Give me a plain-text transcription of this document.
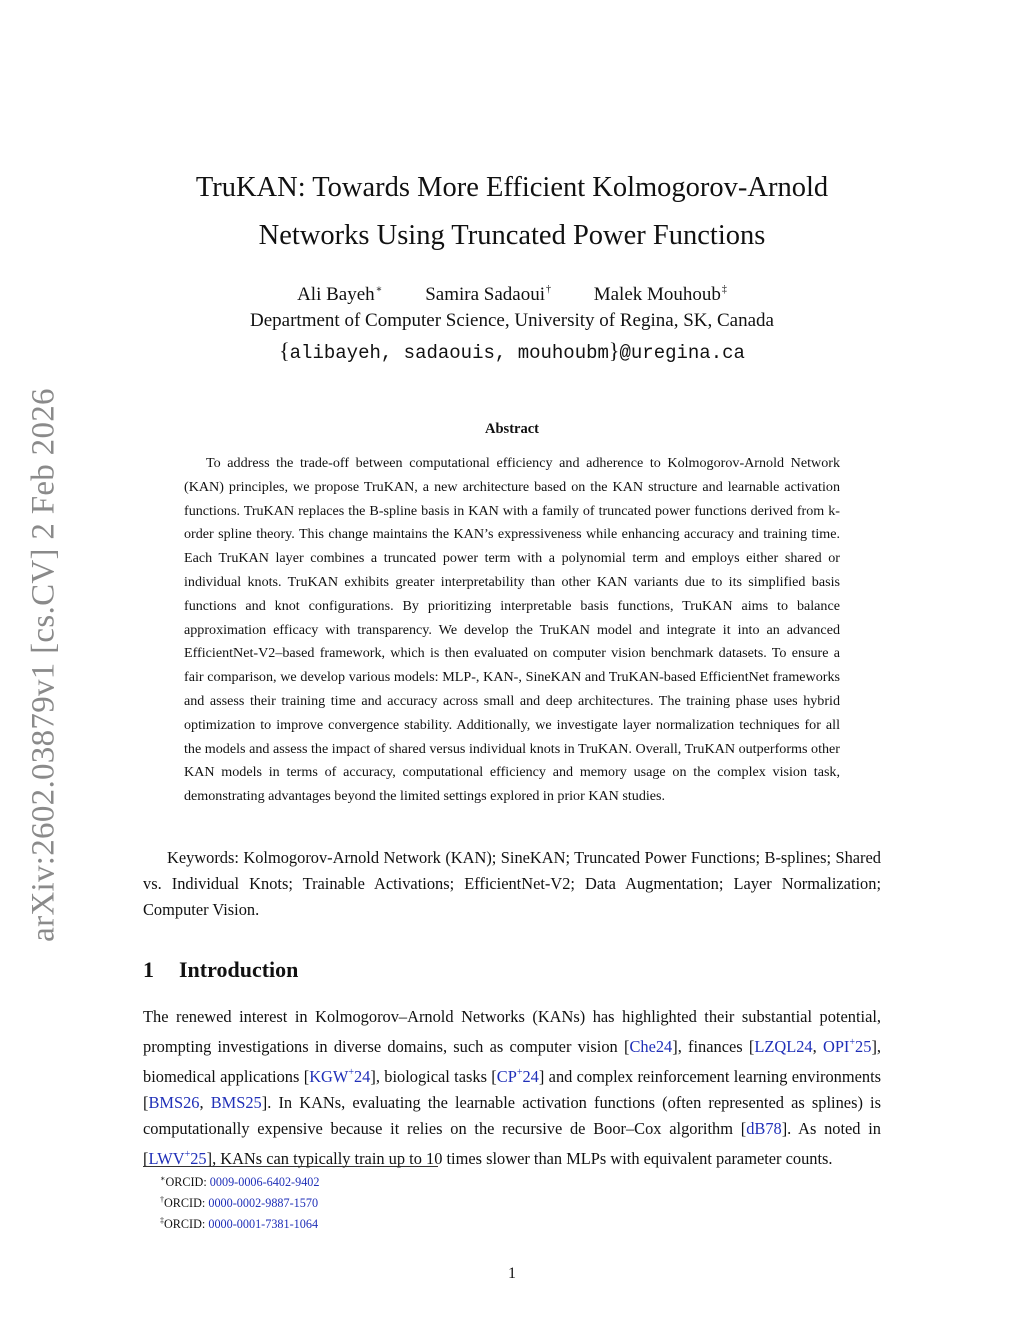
arXiv:2602.03879v1 [cs.CV] 2 Feb 2026
TruKAN: Towards More Efficient Kolmogorov-Arnold
Networks Using Truncated Power Functions
Ali Bayeh∗ Samira Sadaoui† Malek Mouhoub‡
Department of Computer Science, University of Regina, SK, Canada
{alibayeh, sadaouis, mouhoubm}@uregina.ca
Abstract

To address the trade-off between computational efficiency and adherence to Kolmogorov-Arnold Network (KAN) principles, we propose TruKAN, a new architecture based on the KAN structure and learnable activation functions. TruKAN replaces the B-spline basis in KAN with a family of truncated power functions derived from k-order spline theory. This change maintains the KAN’s expressiveness while enhancing accuracy and training time. Each TruKAN layer combines a truncated power term with a polynomial term and employs either shared or individual knots. TruKAN exhibits greater interpretability than other KAN variants due to its simplified basis functions and knot configurations. By prioritizing interpretable basis functions, TruKAN aims to balance approximation efficacy with transparency. We develop the TruKAN model and integrate it into an advanced EfficientNet-V2–based framework, which is then evaluated on computer vision benchmark datasets. To ensure a fair comparison, we develop various models: MLP-, KAN-, SineKAN and TruKAN-based EfficientNet frameworks and assess their training time and accuracy across small and deep architectures. The training phase uses hybrid optimization to improve convergence stability. Additionally, we investigate layer normalization techniques for all the models and assess the impact of shared versus individual knots in TruKAN. Overall, TruKAN outperforms other KAN models in terms of accuracy, computational efficiency and memory usage on the complex vision task, demonstrating advantages beyond the limited settings explored in prior KAN studies.

Keywords: Kolmogorov-Arnold Network (KAN); SineKAN; Truncated Power Functions; B-splines; Shared vs. Individual Knots; Trainable Activations; EfficientNet-V2; Data Augmentation; Layer Normalization; Computer Vision.

1 Introduction

The renewed interest in Kolmogorov–Arnold Networks (KANs) has highlighted their substantial potential, prompting investigations in diverse domains, such as computer vision [Che24], finances [LZQL24, OPI+25], biomedical applications [KGW+24], biological tasks [CP+24] and complex reinforcement learning environments [BMS26, BMS25]. In KANs, evaluating the learnable activation functions (often represented as splines) is computationally expensive because it relies on the recursive de Boor–Cox algorithm [dB78]. As noted in [LWV+25], KANs can typically train up to 10 times slower than MLPs with equivalent parameter counts.

∗ORCID: 0009-0006-6402-9402
†ORCID: 0000-0002-9887-1570
‡ORCID: 0000-0001-7381-1064
1
